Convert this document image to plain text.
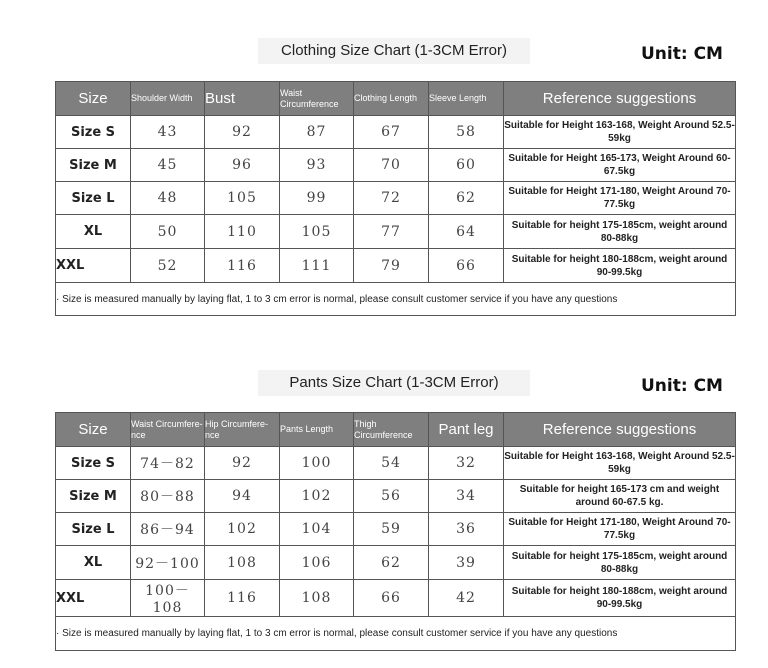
Clothing Size Chart (1-3CM Error)	Unit: CM
Size	Shoulder Width	Bust	Waist Circumference	Clothing Length	Sleeve Length	Reference suggestions
Size S	43	92	87	67	58	Suitable for Height 163-168, Weight Around 52.5-59kg
Size M	45	96	93	70	60	Suitable for Height 165-173, Weight Around 60-67.5kg
Size L	48	105	99	72	62	Suitable for Height 171-180, Weight Around 70-77.5kg
XL	50	110	105	77	64	Suitable for height 175-185cm, weight around 80-88kg
XXL	52	116	111	79	66	Suitable for height 180-188cm, weight around 90-99.5kg
· Size is measured manually by laying flat, 1 to 3 cm error is normal, please consult customer service if you have any questions						
Pants Size Chart (1-3CM Error)	Unit: CM
Size	Waist Circumfere-nce	Hip Circumfere-nce	Pants Length	Thigh Circumference	Pant leg	Reference suggestions
Size S	74－82	92	100	54	32	Suitable for Height 163-168, Weight Around 52.5-59kg
Size M	80－88	94	102	56	34	Suitable for height 165-173 cm and weight around 60-67.5 kg.
Size L	86－94	102	104	59	36	Suitable for Height 171-180, Weight Around 70-77.5kg
XL	92－100	108	106	62	39	Suitable for height 175-185cm, weight around 80-88kg
XXL	100－108	116	108	66	42	Suitable for height 180-188cm, weight around 90-99.5kg
· Size is measured manually by laying flat, 1 to 3 cm error is normal, please consult customer service if you have any questions						
